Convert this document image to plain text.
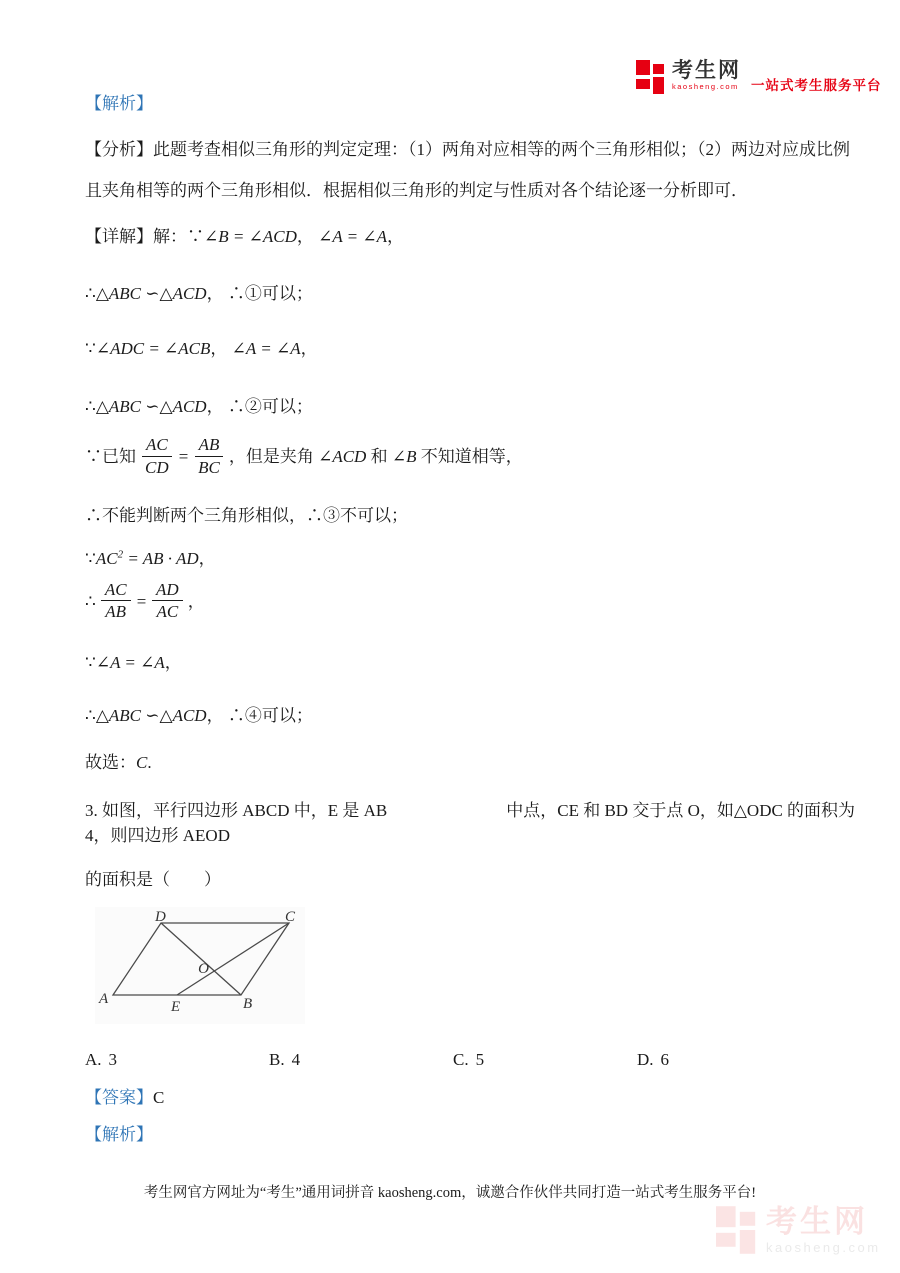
考生网
kaosheng.com 一站式考生服务平台
【解析】
【分析】此题考查相似三角形的判定定理：（1）两角对应相等的两个三角形相似；（2）两边对应成比例
且夹角相等的两个三角形相似．根据相似三角形的判定与性质对各个结论逐一分析即可．
【详解】解：∵∠B = ∠ACD， ∠A = ∠A，
∴△ABC ∽△ACD， ∴①可以；
∵∠ADC = ∠ACB， ∠A = ∠A，
∴△ABC ∽△ACD， ∴②可以；
∵已知 $\frac{AC}{CD} = \frac{AB}{BC}$ ，但是夹角 ∠ACD 和 ∠B 不知道相等，
∴不能判断两个三角形相似，∴③不可以；
$\because AC^2$ = AB · AD，
∴ $\frac{AC}{AB} = \frac{AD}{AC}$ ，
∵∠A = ∠A，
∴△ABC ∽△ACD， ∴④可以；
故选：C.
3. 如图，平行四边形 ABCD 中，E 是 AB　　　　　　　中点，CE 和 BD 交于点 O，如△ODC 的面积为 4，则四边形 AEOD
的面积是（　　）
D	C
A	B
E
O
A. 3	B. 4	C. 5	D. 6
【答案】C
【解析】
考生网官方网址为“考生”通用词拼音 kaosheng.com，诚邀合作伙伴共同打造一站式考生服务平台!
考生网
kaosheng.com
